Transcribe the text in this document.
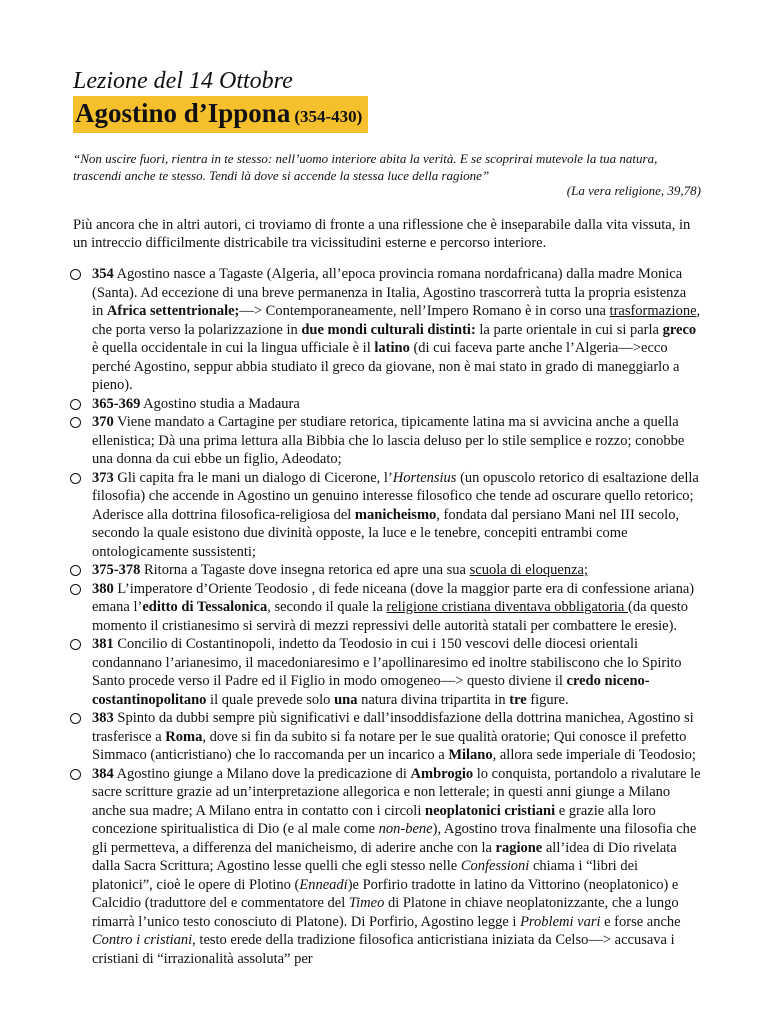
Lezione del 14 Ottobre
Agostino d’Ippona (354-430)
“Non uscire fuori, rientra in te stesso: nell’uomo interiore abita la verità. E se scoprirai mutevole la tua natura, trascendi anche te stesso. Tendi là dove si accende la stessa luce della ragione”
(La vera religione, 39,78)
Più ancora che in altri autori, ci troviamo di fronte a una riflessione che è inseparabile dalla vita vissuta, in un intreccio difficilmente districabile tra vicissitudini esterne e percorso interiore.
354 Agostino nasce a Tagaste (Algeria, all’epoca provincia romana nordafricana) dalla madre Monica (Santa). Ad eccezione di una breve permanenza in Italia, Agostino trascorrerà tutta la propria esistenza in Africa settentrionale;—> Contemporaneamente, nell’Impero Romano è in corso una trasformazione, che porta verso la polarizzazione in due mondi culturali distinti: la parte orientale in cui si parla greco è quella occidentale in cui la lingua ufficiale è il latino (di cui faceva parte anche l’Algeria—>ecco perché Agostino, seppur abbia studiato il greco da giovane, non è mai stato in grado di maneggiarlo a pieno).
365-369 Agostino studia a Madaura
370 Viene mandato a Cartagine per studiare retorica, tipicamente latina ma si avvicina anche a quella ellenistica; Dà una prima lettura alla Bibbia che lo lascia deluso per lo stile semplice e rozzo; conobbe una donna da cui ebbe un figlio, Adeodato;
373 Gli capita fra le mani un dialogo di Cicerone, l’Hortensius (un opuscolo retorico di esaltazione della filosofia) che accende in Agostino un genuino interesse filosofico che tende ad oscurare quello retorico; Aderisce alla dottrina filosofica-religiosa del manicheismo, fondata dal persiano Mani nel III secolo, secondo la quale esistono due divinità opposte, la luce e le tenebre, concepiti entrambi come ontologicamente sussistenti;
375-378 Ritorna a Tagaste dove insegna retorica ed apre una sua scuola di eloquenza;
380 L’imperatore d’Oriente Teodosio , di fede niceana (dove la maggior parte era di confessione ariana) emana l’editto di Tessalonica, secondo il quale la religione cristiana diventava obbligatoria (da questo momento il cristianesimo si servirà di mezzi repressivi delle autorità statali per combattere le eresie).
381 Concilio di Costantinopoli, indetto da Teodosio in cui i 150 vescovi delle diocesi orientali condannano l’arianesimo, il macedoniaresimo e l’apollinaresimo ed inoltre stabiliscono che lo Spirito Santo procede verso il Padre ed il Figlio in modo omogeneo—> questo diviene il credo niceno-costantinopolitano il quale prevede solo una natura divina tripartita in tre figure.
383 Spinto da dubbi sempre più significativi e dall’insoddisfazione della dottrina manichea, Agostino si trasferisce a Roma, dove si fin da subito si fa notare per le sue qualità oratorie; Qui conosce il prefetto Simmaco (anticristiano) che lo raccomanda per un incarico a Milano, allora sede imperiale di Teodosio;
384 Agostino giunge a Milano dove la predicazione di Ambrogio lo conquista, portandolo a rivalutare le sacre scritture grazie ad un’interpretazione allegorica e non letterale; in questi anni giunge a Milano anche sua madre; A Milano entra in contatto con i circoli neoplatonici cristiani e grazie alla loro concezione spiritualistica di Dio (e al male come non-bene), Agostino trova finalmente una filosofia che gli permetteva, a differenza del manicheismo, di aderire anche con la ragione all’idea di Dio rivelata dalla Sacra Scrittura; Agostino lesse quelli che egli stesso nelle Confessioni chiama i “libri dei platonici”, cioè le opere di Plotino (Enneadi)e Porfirio tradotte in latino da Vittorino (neoplatonico) e Calcidio (traduttore del e commentatore del Timeo di Platone in chiave neoplatonizzante, che a lungo rimarrà l’unico testo conosciuto di Platone). Di Porfirio, Agostino legge i Problemi vari e forse anche Contro i cristiani, testo erede della tradizione filosofica anticristiana iniziata da Celso—> accusava i cristiani di “irrazionalità assoluta” per
